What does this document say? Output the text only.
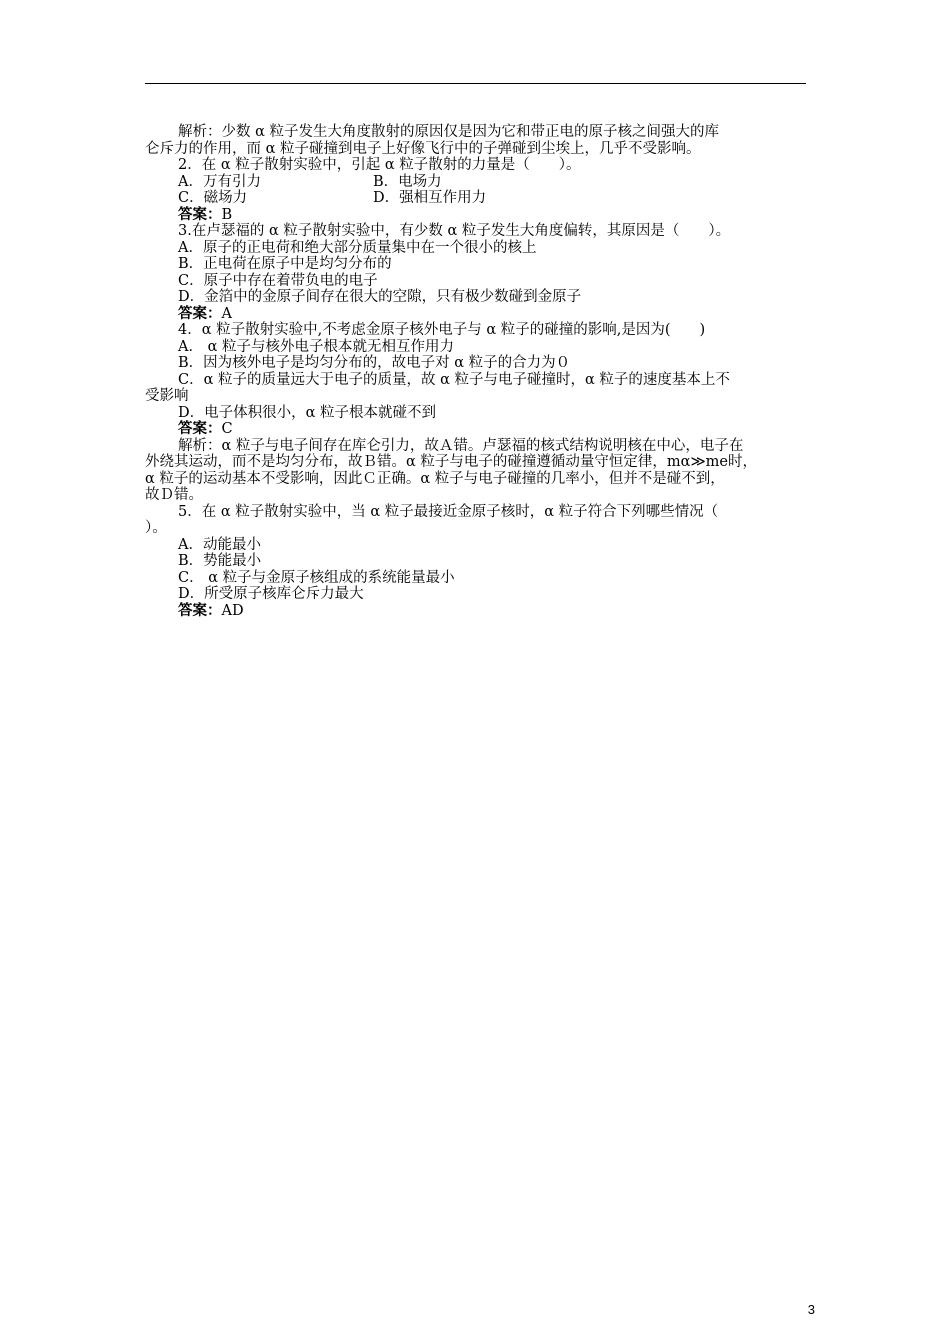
解析：少数 α 粒子发生大角度散射的原因仅是因为它和带正电的原子核之间强大的库
仑斥力的作用，而 α 粒子碰撞到电子上好像飞行中的子弹碰到尘埃上，几乎不受影响。
2．在 α 粒子散射实验中，引起 α 粒子散射的力量是（　　）。
A．万有引力	B．电场力
C．磁场力	D．强相互作用力
答案：B
3.在卢瑟福的 α 粒子散射实验中，有少数 α 粒子发生大角度偏转，其原因是（　　）。
A．原子的正电荷和绝大部分质量集中在一个很小的核上
B．正电荷在原子中是均匀分布的
C．原子中存在着带负电的电子
D．金箔中的金原子间存在很大的空隙，只有极少数碰到金原子
答案：A
4．α 粒子散射实验中,不考虑金原子核外电子与 α 粒子的碰撞的影响,是因为(　　)
A． α 粒子与核外电子根本就无相互作用力
B．因为核外电子是均匀分布的，故电子对 α 粒子的合力为０
C．α 粒子的质量远大于电子的质量，故 α 粒子与电子碰撞时，α 粒子的速度基本上不
受影响
D．电子体积很小，α 粒子根本就碰不到
答案：C
解析：α 粒子与电子间存在库仑引力，故Ａ错。卢瑟福的核式结构说明核在中心，电子在
外绕其运动，而不是均匀分布，故Ｂ错。α 粒子与电子的碰撞遵循动量守恒定律，mα≫me时，
α 粒子的运动基本不受影响，因此Ｃ正确。α 粒子与电子碰撞的几率小，但并不是碰不到，
故Ｄ错。
5．在 α 粒子散射实验中，当 α 粒子最接近金原子核时，α 粒子符合下列哪些情况（
）。
A．动能最小
B．势能最小
C． α 粒子与金原子核组成的系统能量最小
D．所受原子核库仑斥力最大
答案：AD
3
